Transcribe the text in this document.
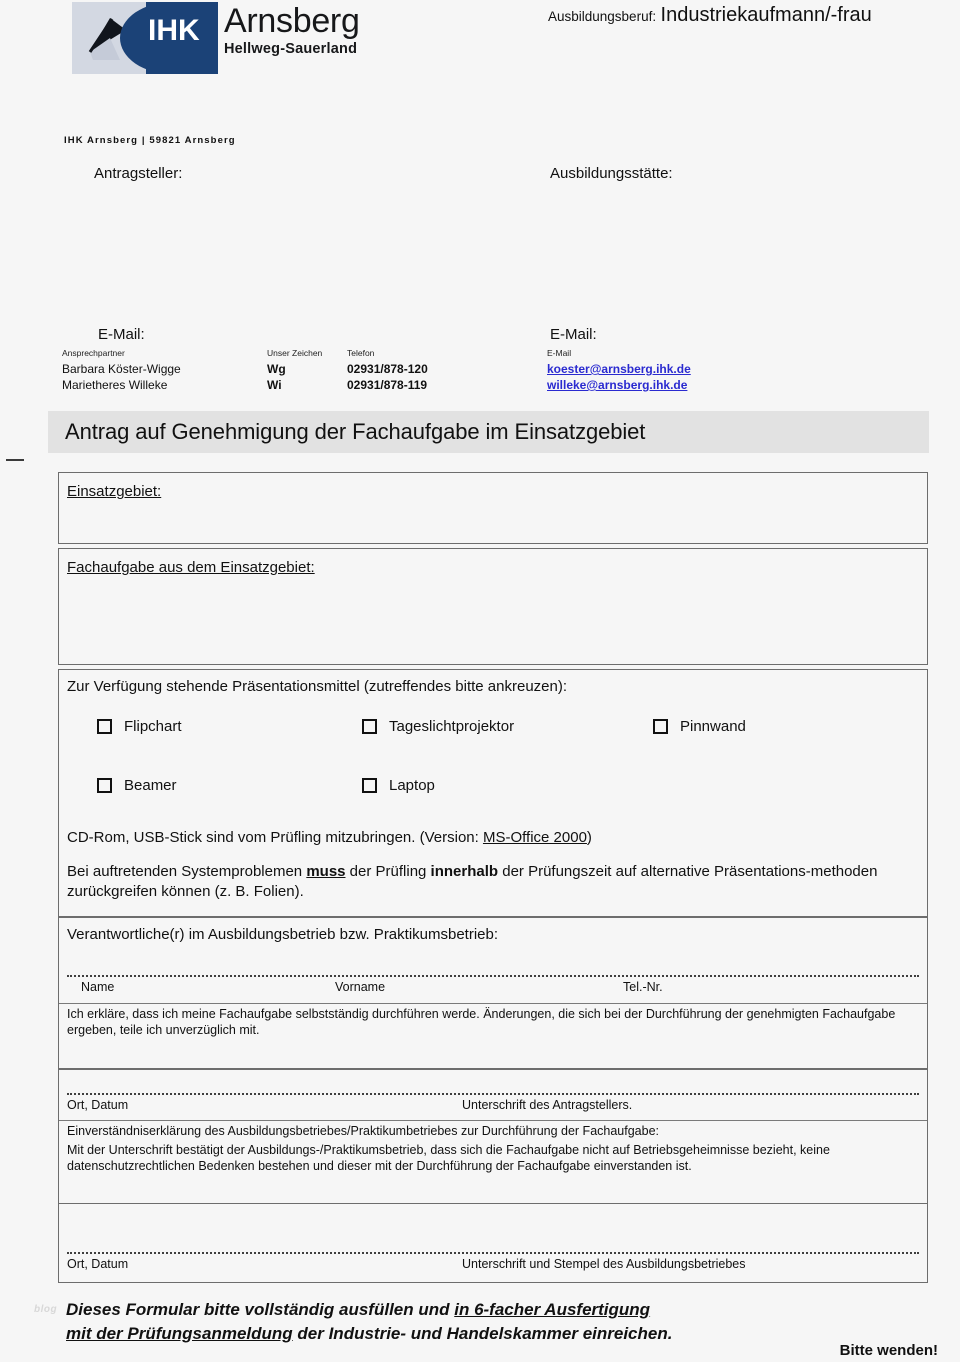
IHK Arnsberg
Hellweg-Sauerland
Ausbildungsberuf: Industriekaufmann/-frau
IHK Arnsberg | 59821 Arnsberg
Antragsteller:	Ausbildungsstätte:
E-Mail:	E-Mail:
Ansprechpartner	Unser Zeichen	Telefon	E-Mail
Barbara Köster-Wigge	Wg	02931/878-120	koester@arnsberg.ihk.de
Marietheres Willeke	Wi	02931/878-119	willeke@arnsberg.ihk.de
Antrag auf Genehmigung der Fachaufgabe im Einsatzgebiet
Einsatzgebiet:
Fachaufgabe aus dem Einsatzgebiet:
Zur Verfügung stehende Präsentationsmittel (zutreffendes bitte ankreuzen):
Flipchart	Tageslichtprojektor	Pinnwand
Beamer	Laptop
CD-Rom, USB-Stick sind vom Prüfling mitzubringen. (Version: MS-Office 2000)
Bei auftretenden Systemproblemen muss der Prüfling innerhalb der Prüfungszeit auf alternative Präsentations-methoden zurückgreifen können (z. B. Folien).
Verantwortliche(r) im Ausbildungsbetrieb bzw. Praktikumsbetrieb:
Name	Vorname	Tel.-Nr.
Ich erkläre, dass ich meine Fachaufgabe selbstständig durchführen werde. Änderungen, die sich bei der Durchführung der genehmigten Fachaufgabe ergeben, teile ich unverzüglich mit.
Ort, Datum	Unterschrift des Antragstellers.
Einverständniserklärung des Ausbildungsbetriebes/Praktikumbetriebes zur Durchführung der Fachaufgabe:
Mit der Unterschrift bestätigt der Ausbildungs-/Praktikumsbetrieb, dass sich die Fachaufgabe nicht auf Betriebsgeheimnisse bezieht, keine datenschutzrechtlichen Bedenken bestehen und dieser mit der Durchführung der Fachaufgabe einverstanden ist.
Ort, Datum	Unterschrift und Stempel des Ausbildungsbetriebes
blog Dieses Formular bitte vollständig ausfüllen und in 6-facher Ausfertigung
mit der Prüfungsanmeldung der Industrie- und Handelskammer einreichen.
Bitte wenden!
